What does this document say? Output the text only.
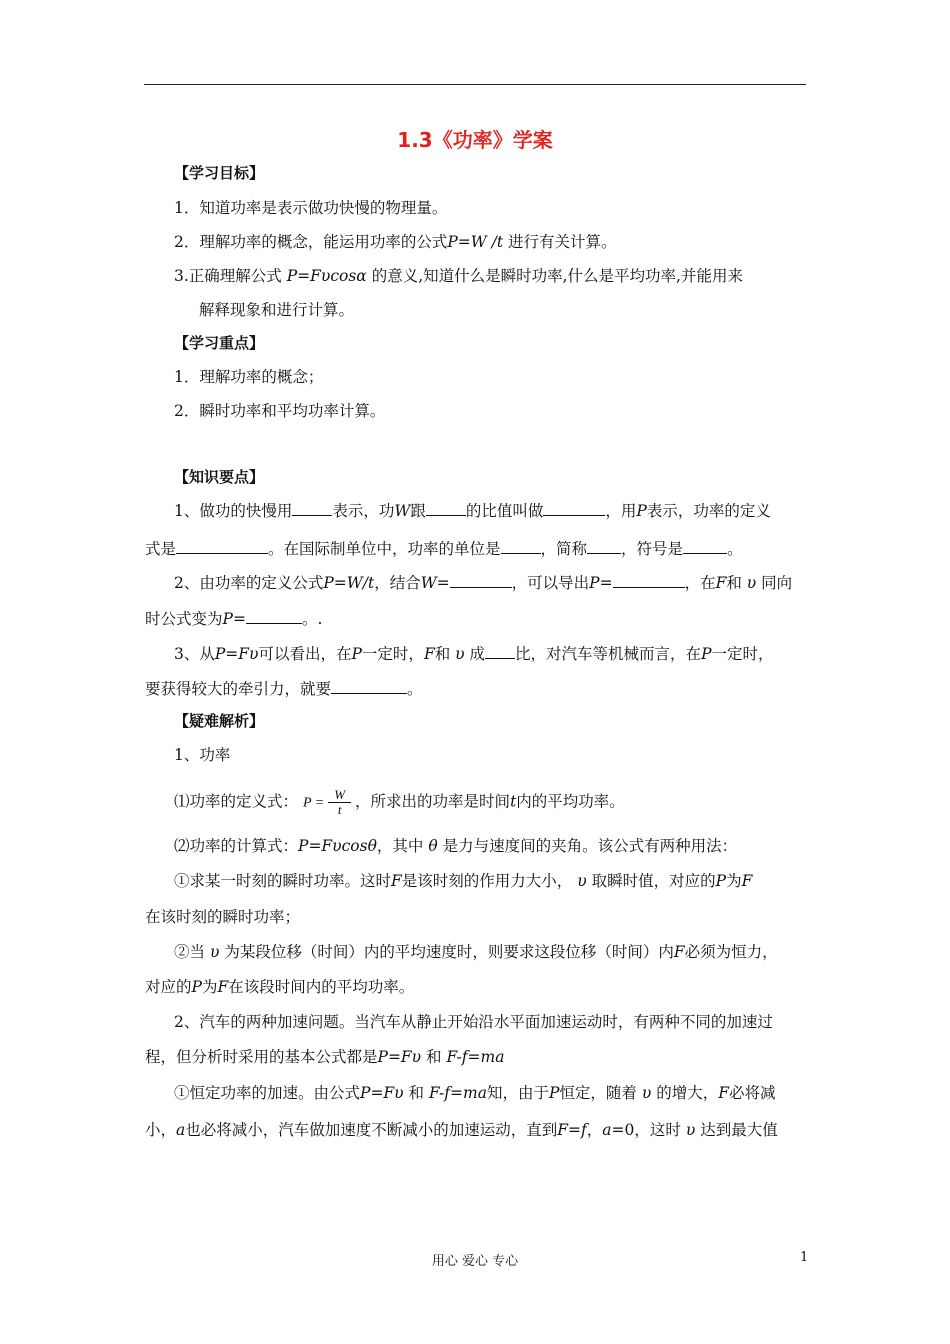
1.3《功率》学案
【学习目标】
1．知道功率是表示做功快慢的物理量。
2．理解功率的概念，能运用功率的公式P=W /t 进行有关计算。
3.正确理解公式 P=Fυcosα 的意义,知道什么是瞬时功率,什么是平均功率,并能用来
解释现象和进行计算。
【学习重点】
1．理解功率的概念；
2．瞬时功率和平均功率计算。
【知识要点】
1、做功的快慢用	表示，功W跟	的比值叫做	，用P表示，功率的定义
式是	。在国际制单位中，功率的单位是	，简称 ，符号是	。
2、由功率的定义公式P=W/t，结合W=	，可以导出P=	，在F和 υ 同向
时公式变为P=	。.
3、从P=Fυ可以看出，在P一定时，F和 υ 成 比，对汽车等机械而言，在P一定时，
要获得较大的牵引力，就要	。
【疑难解析】
1、功率
⑴功率的定义式： $P = \frac{W}{t}$ ，所求出的功率是时间t内的平均功率。
⑵功率的计算式：P=Fυcosθ，其中 θ 是力与速度间的夹角。该公式有两种用法：
①求某一时刻的瞬时功率。这时F是该时刻的作用力大小， υ 取瞬时值，对应的P为F
在该时刻的瞬时功率；
②当 υ 为某段位移（时间）内的平均速度时，则要求这段位移（时间）内F必须为恒力，
对应的P为F在该段时间内的平均功率。
2、汽车的两种加速问题。当汽车从静止开始沿水平面加速运动时，有两种不同的加速过
程，但分析时采用的基本公式都是P=Fυ 和 F-f=ma
①恒定功率的加速。由公式P=Fυ 和 F-f=ma知，由于P恒定，随着 υ 的增大，F必将减
小，a也必将减小，汽车做加速度不断减小的加速运动，直到F=f，a=0，这时 υ 达到最大值
用心 爱心 专心	1
